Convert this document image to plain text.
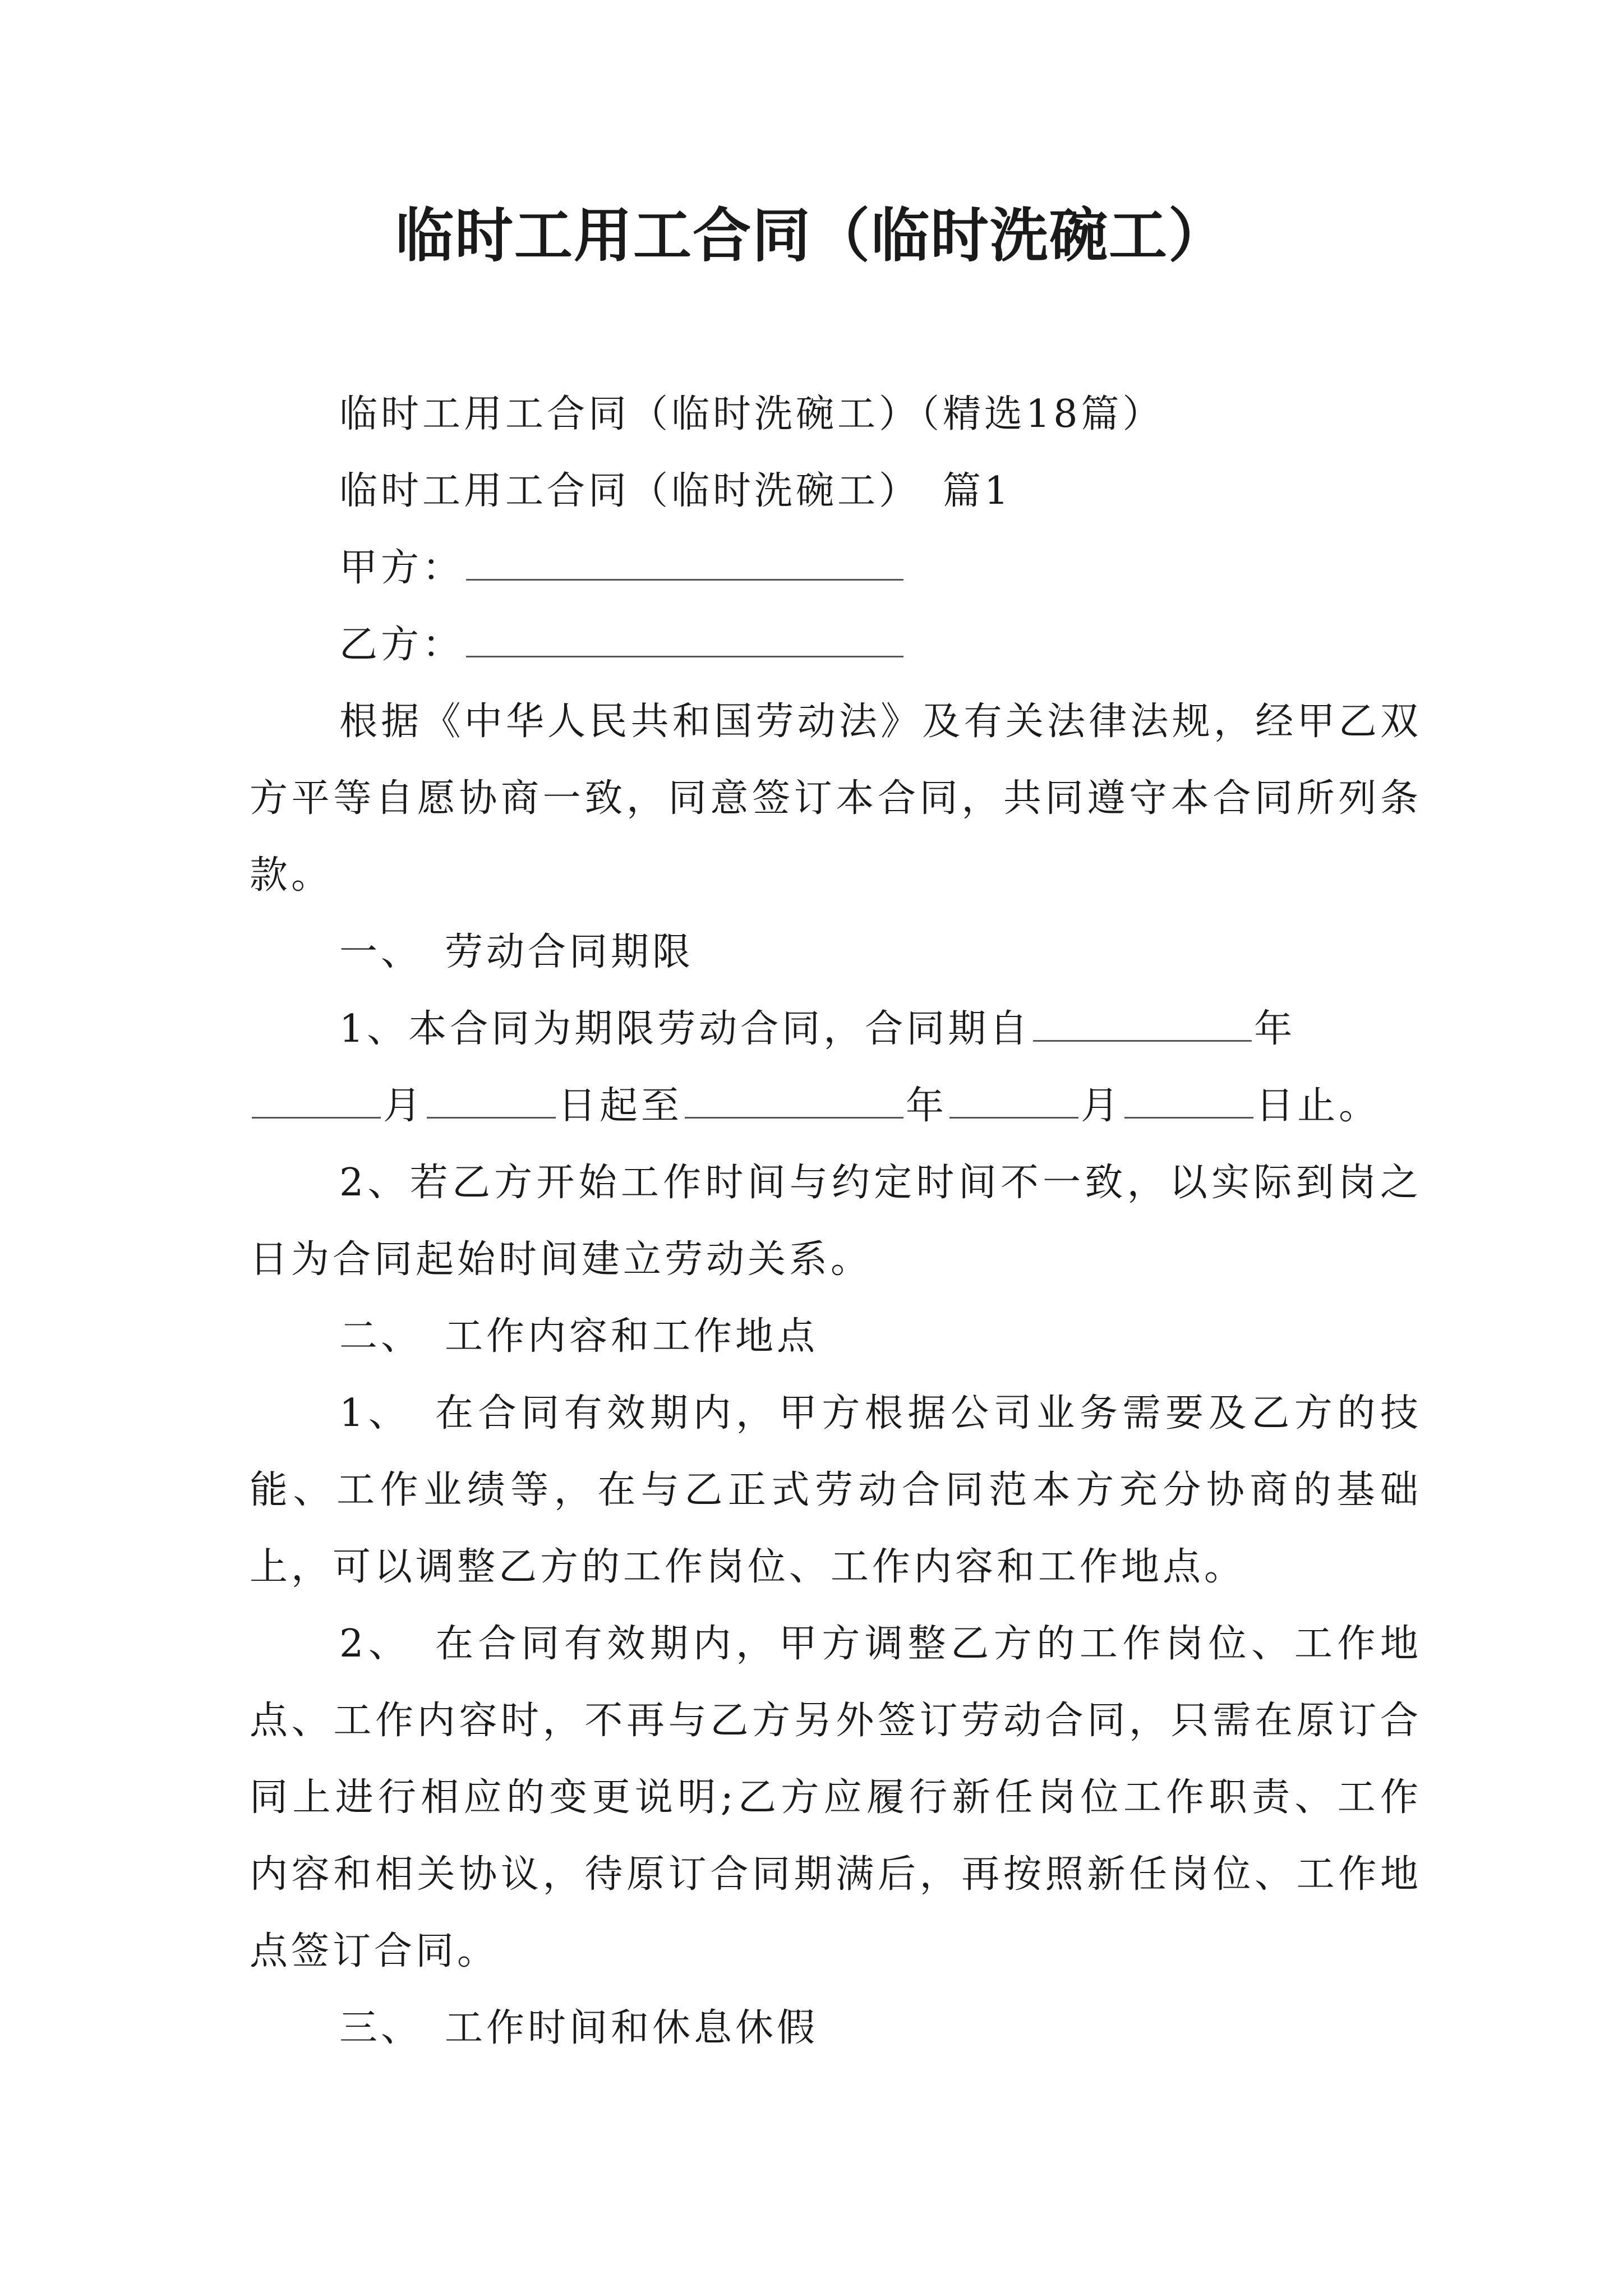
临时工用工合同（临时洗碗工）

临时工用工合同（临时洗碗工）（精选18篇）

临时工用工合同（临时洗碗工）　篇1

甲方：

乙方：

根据《中华人民共和国劳动法》及有关法律法规，经甲乙双方平等自愿协商一致，同意签订本合同，共同遵守本合同所列条款。

一、　劳动合同期限

1、本合同为期限劳动合同，合同期自	年

月	日起至	年	月	日止。

2、若乙方开始工作时间与约定时间不一致，以实际到岗之日为合同起始时间建立劳动关系。

二、　工作内容和工作地点

1、　在合同有效期内，甲方根据公司业务需要及乙方的技能、工作业绩等，在与乙正式劳动合同范本方充分协商的基础上，可以调整乙方的工作岗位、工作内容和工作地点。

2、　在合同有效期内，甲方调整乙方的工作岗位、工作地点、工作内容时，不再与乙方另外签订劳动合同，只需在原订合同上进行相应的变更说明;乙方应履行新任岗位工作职责、工作内容和相关协议，待原订合同期满后，再按照新任岗位、工作地点签订合同。

三、　工作时间和休息休假
